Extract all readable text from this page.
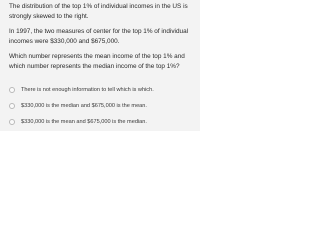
The distribution of the top 1% of individual incomes in the US is strongly skewed to the right.

In 1997, the two measures of center for the top 1% of individual incomes were $330,000 and $675,000.

Which number represents the mean income of the top 1% and which number represents the median income of the top 1%?

There is not enough information to tell which is which.
$330,000 is the median and $675,000 is the mean.
$330,000 is the mean and $675,000 is the median.
